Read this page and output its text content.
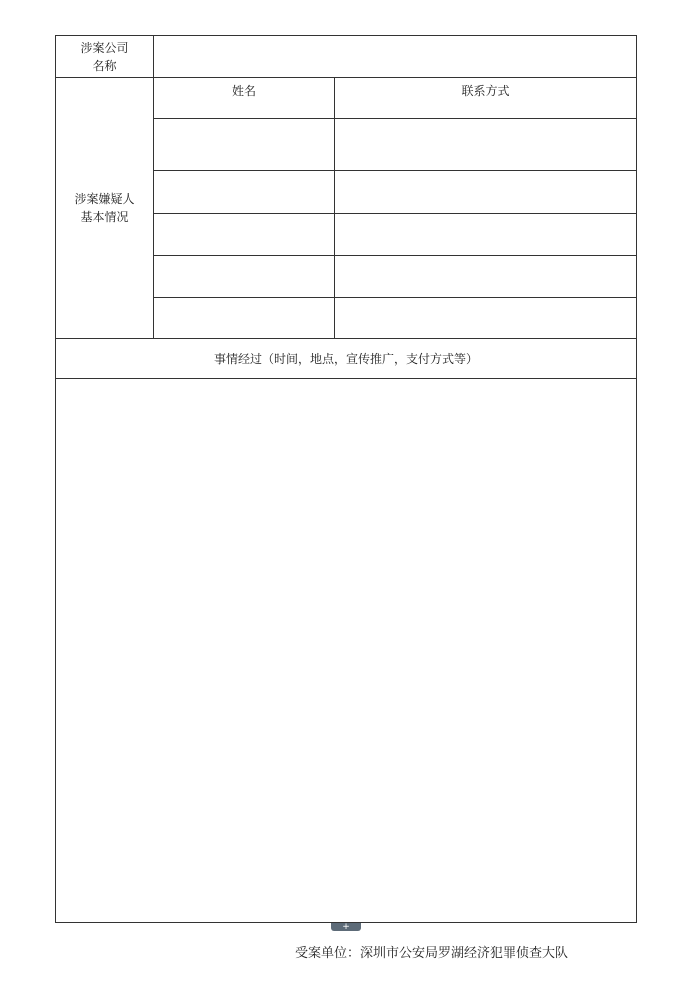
涉案公司
名称
涉案嫌疑人
基本情况
姓名	联系方式
事情经过（时间，地点，宣传推广，支付方式等）
+
受案单位：深圳市公安局罗湖经济犯罪侦查大队
